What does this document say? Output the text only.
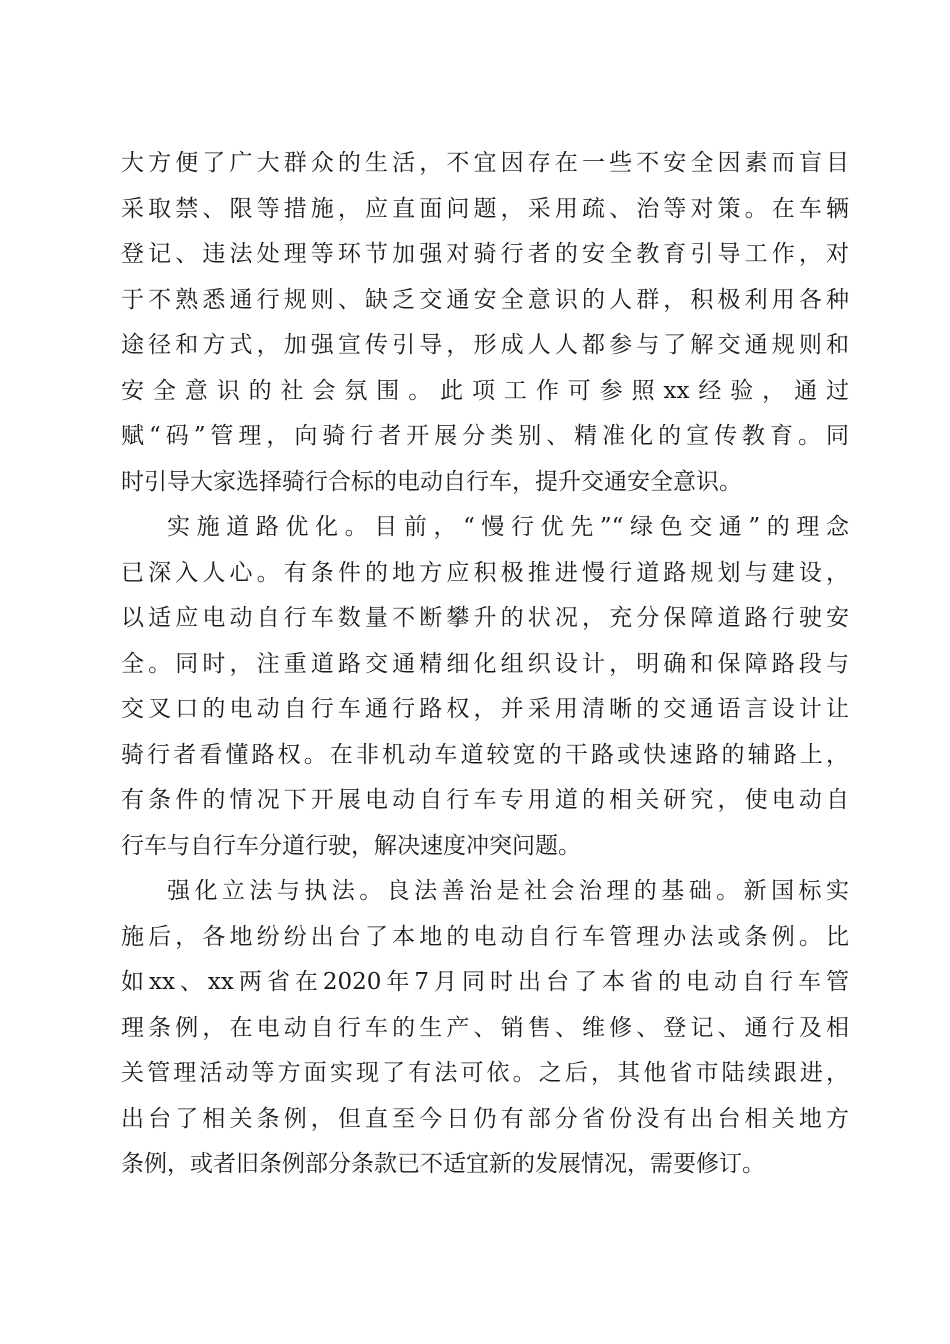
大方便了广大群众的生活，不宜因存在一些不安全因素而盲目
采取禁、限等措施，应直面问题，采用疏、治等对策。在车辆
登记、违法处理等环节加强对骑行者的安全教育引导工作，对
于不熟悉通行规则、缺乏交通安全意识的人群，积极利用各种
途径和方式，加强宣传引导，形成人人都参与了解交通规则和
安全意识的社会氛围。此项工作可参照xx经验，通过
赋“码”管理，向骑行者开展分类别、精准化的宣传教育。同
时引导大家选择骑行合标的电动自行车，提升交通安全意识。
实施道路优化。目前，“慢行优先”“绿色交通”的理念
已深入人心。有条件的地方应积极推进慢行道路规划与建设，
以适应电动自行车数量不断攀升的状况，充分保障道路行驶安
全。同时，注重道路交通精细化组织设计，明确和保障路段与
交叉口的电动自行车通行路权，并采用清晰的交通语言设计让
骑行者看懂路权。在非机动车道较宽的干路或快速路的辅路上，
有条件的情况下开展电动自行车专用道的相关研究，使电动自
行车与自行车分道行驶，解决速度冲突问题。
强化立法与执法。良法善治是社会治理的基础。新国标实
施后，各地纷纷出台了本地的电动自行车管理办法或条例。比
如xx、xx两省在2020年7月同时出台了本省的电动自行车管
理条例，在电动自行车的生产、销售、维修、登记、通行及相
关管理活动等方面实现了有法可依。之后，其他省市陆续跟进，
出台了相关条例，但直至今日仍有部分省份没有出台相关地方
条例，或者旧条例部分条款已不适宜新的发展情况，需要修订。
